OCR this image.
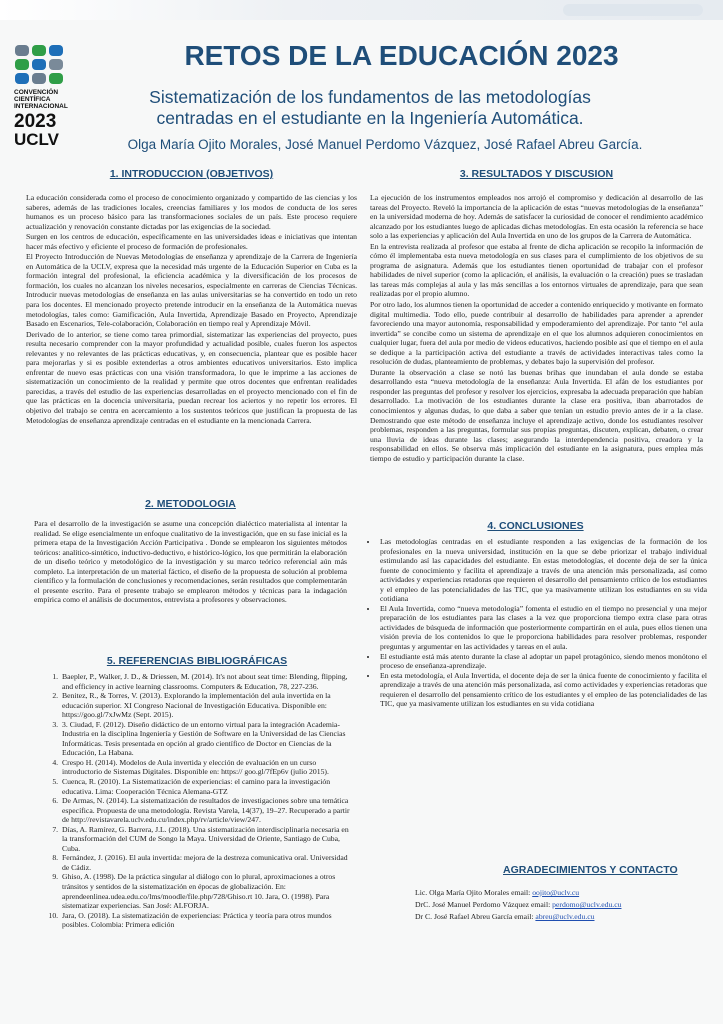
CONVENCIÓN
CIENTÍFICA
INTERNACIONAL
2023
UCLV
RETOS DE LA EDUCACIÓN 2023
Sistematización de los fundamentos de las metodologías centradas en el estudiante en la Ingeniería Automática.
Olga María Ojito Morales, José Manuel Perdomo Vázquez, José Rafael Abreu García.
1. INTRODUCCION (OBJETIVOS)

La educación considerada como el proceso de conocimiento organizado y compartido de las ciencias y los saberes, además de las tradiciones locales, creencias familiares y los modos de conducta de los seres humanos es un proceso básico para las transformaciones sociales de un país. Este proceso requiere actualización y renovación constante dictadas por las exigencias de la sociedad.

Surgen en los centros de educación, específicamente en las universidades ideas e iniciativas que intentan hacer más efectivo y eficiente el proceso de formación de profesionales.

El Proyecto Introducción de Nuevas Metodologías de enseñanza y aprendizaje de la Carrera de Ingeniería en Automática de la UCLV, expresa que la necesidad más urgente de la Educación Superior en Cuba es la formación integral del profesional, la eficiencia académica y la diversificación de los procesos de formación, los cuales no alcanzan los niveles necesarios, especialmente en carreras de Ciencias Técnicas. Introducir nuevas metodologías de enseñanza en las aulas universitarias se ha convertido en todo un reto para los docentes. El mencionado proyecto pretende introducir en la enseñanza de la Automática nuevas metodologías, tales como: Gamificación, Aula Invertida, Aprendizaje Basado en Proyecto, Aprendizaje Basado en Escenarios, Tele-colaboración, Colaboración en tiempo real y Aprendizaje Móvil.

Derivado de lo anterior, se tiene como tarea primordial, sistematizar las experiencias del proyecto, pues resulta necesario comprender con la mayor profundidad y actualidad posible, cuales fueron los aspectos relevantes y no relevantes de las prácticas educativas, y, en consecuencia, plantear que es posible hacer para mejorarlas y si es posible extenderlas a otros ambientes educativos universitarios. Esto implica enfrentar de nuevo esas prácticas con una visión transformadora, lo que le imprime a las acciones de sistematización un conocimiento de la realidad y permite que otros docentes que enfrentan realidades parecidas, a través del estudio de las experiencias desarrolladas en el proyecto mencionado con el fin de que las prácticas en la docencia universitaria, puedan recrear los aciertos y no repetir los errores. El objetivo del trabajo se centra en acercamiento a los sustentos teóricos que justifican la propuesta de las Metodologías de enseñanza aprendizaje centradas en el estudiante en la mencionada Carrera.

2. METODOLOGIA

Para el desarrollo de la investigación se asume una concepción dialéctico materialista al intentar la realidad. Se elige esencialmente un enfoque cualitativo de la investigación, que en su fase inicial es la primera etapa de la Investigación Acción Participativa . Donde se emplearon los siguientes métodos teóricos: analítico-sintético, inductivo-deductivo, e histórico-lógico, los que permitirán la elaboración de un diseño teórico y metodológico de la investigación y su marco teórico referencial aún más completo. La interpretación de un material fáctico, el diseño de la propuesta de solución al problema científico y la formulación de conclusiones y recomendaciones, serán resultados que complementarán el presente escrito. Para el presente trabajo se emplearon métodos y técnicas para la indagación empírica como el análisis de documentos, entrevista a profesores y observaciones.

5. REFERENCIAS BIBLIOGRÁFICAS
1. Baepler, P., Walker, J. D., & Driessen, M. (2014). It's not about seat time: Blending, flipping, and efficiency in active learning classrooms. Computers & Education, 78, 227-236.
2. Benitez, R., & Torres, V. (2013). Explorando la implementación del aula invertida en la educación superior. XI Congreso Nacional de Investigación Educativa. Disponible en: https://goo.gl/7xJwMz (Sept. 2015).
3. 3. Ciudad, F. (2012). Diseño didáctico de un entorno virtual para la integración Academia-Industria en la disciplina Ingeniería y Gestión de Software en la Universidad de las Ciencias Informáticas. Tesis presentada en opción al grado científico de Doctor en Ciencias de la Educación, La Habana.
4. Crespo H. (2014). Modelos de Aula invertida y elección de evaluación en un curso introductorio de Sistemas Digitales. Disponible en: https:// goo.gl/7fEp6v (julio 2015).
5. Cuenca, R. (2010). La Sistematización de experiencias: el camino para la investigación educativa. Lima: Cooperación Técnica Alemana-GTZ
6. De Armas, N. (2014). La sistematización de resultados de investigaciones sobre una temática específica. Propuesta de una metodología. Revista Varela, 14(37), 19–27. Recuperado a partir de http://revistavarela.uclv.edu.cu/index.php/rv/article/view/247.
7. Días, A. Ramírez, G. Barrera, J.L. (2018). Una sistematización interdisciplinaria necesaria en la transformación del CUM de Songo la Maya. Universidad de Oriente, Santiago de Cuba, Cuba.
8. Fernández, J. (2016). El aula invertida: mejora de la destreza comunicativa oral. Universidad de Cádiz.
9. Ghiso, A. (1998). De la práctica singular al diálogo con lo plural, aproximaciones a otros tránsitos y sentidos de la sistematización en épocas de globalización. En: aprendeenlinea.udea.edu.co/lms/moodle/file.php/728/Ghiso.rt 10. Jara, O. (1998). Para sistematizar experiencias. San José: ALFORJA.
10. Jara, O. (2018). La sistematización de experiencias: Práctica y teoría para otros mundos posibles. Colombia: Primera edición
3. RESULTADOS Y DISCUSION

La ejecución de los instrumentos empleados nos arrojó el compromiso y dedicación al desarrollo de las tareas del Proyecto. Reveló la importancia de la aplicación de estas “nuevas metodologías de la enseñanza” en la universidad moderna de hoy. Además de satisfacer la curiosidad de conocer el rendimiento académico alcanzado por los estudiantes luego de aplicadas dichas metodologías. En esta ocasión la referencia se hace solo a las experiencias y aplicación del Aula Invertida en uno de los grupos de la Carrera de Automática.

En la entrevista realizada al profesor que estaba al frente de dicha aplicación se recopilo la información de cómo él implementaba esta nueva metodología en sus clases para el cumplimiento de los objetivos de su programa de asignatura. Además que los estudiantes tienen oportunidad de trabajar con el profesor habilidades de nivel superior (como la aplicación, el análisis, la evaluación o la creación) pues se trasladan las tareas más complejas al aula y las más sencillas a los entornos virtuales de aprendizaje, para que sean realizadas por el propio alumno.

Por otro lado, los alumnos tienen la oportunidad de acceder a contenido enriquecido y motivante en formato digital multimedia. Todo ello, puede contribuir al desarrollo de habilidades para aprender a aprender favoreciendo una mayor autonomía, responsabilidad y empoderamiento del aprendizaje. Por tanto “el aula invertida” se concibe como un sistema de aprendizaje en el que los alumnos adquieren conocimientos en cualquier lugar, fuera del aula por medio de videos educativos, haciendo posible así que el tiempo en el aula se dedique a la participación activa del estudiante a través de actividades interactivas tales como la resolución de dudas, planteamiento de problemas, y debates bajo la supervisión del profesor.

Durante la observación a clase se notó las buenas brihas que inundaban el aula donde se estaba desarrollando esta “nueva metodología de la enseñanza: Aula Invertida. El afán de los estudiantes por responder las preguntas del profesor y resolver los ejercicios, expresaba la adecuada preparación que habían desarrollado. La motivación de los estudiantes durante la clase era positiva, iban abarrotados de conocimientos y algunas dudas, lo que daba a saber que tenían un estudio previo antes de ir a la clase. Demostrando que este método de enseñanza incluye el aprendizaje activo, donde los estudiantes resolver problemas, responden a las preguntas, formular sus propias preguntas, discuten, explican, debaten, o crear una lluvia de ideas durante las clases; asegurando la interdependencia positiva, creadora y la responsabilidad en ellos. Se observa más implicación del estudiante en la asignatura, pues emplea más tiempo de estudio y participación durante la clase.

4. CONCLUSIONES
• Las metodologías centradas en el estudiante responden a las exigencias de la formación de los profesionales en la nueva universidad, institución en la que se debe priorizar el trabajo individual estimulando así las capacidades del estudiante. En estas metodologías, el docente deja de ser la única fuente de conocimiento y facilita el aprendizaje a través de una atención más personalizada, así como actividades y experiencias retadoras que requieren el desarrollo del pensamiento crítico de los estudiantes y el empleo de las potencialidades de las TIC, que ya masivamente utilizan los estudiantes en su vida cotidiana
• El Aula Invertida, como “nueva metodología” fomenta el estudio en el tiempo no presencial y una mejor preparación de los estudiantes para las clases a la vez que proporciona tiempo extra clase para otras actividades de búsqueda de información que posteriormente compartirán en el aula, pues ellos tienen una visión previa de los contenidos lo que le proporciona habilidades para resolver problemas, responder preguntas y argumentar en las actividades y tareas en el aula.
• El estudiante está más atento durante la clase al adoptar un papel protagónico, siendo menos monótono el proceso de enseñanza-aprendizaje.
• En esta metodología, el Aula Invertida, el docente deja de ser la única fuente de conocimiento y facilita el aprendizaje a través de una atención más personalizada, así como actividades y experiencias retadoras que requieren el desarrollo del pensamiento crítico de los estudiantes y el empleo de las potencialidades de las TIC, que ya masivamente utilizan los estudiantes en su vida cotidiana
AGRADECIMIENTOS Y CONTACTO
Lic. Olga María Ojito Morales email: oojito@uclv.cu
DrC. José Manuel Perdomo Vázquez email: perdomo@uclv.edu.cu
Dr C. José Rafael Abreu García email: abreu@uclv.edu.cu
